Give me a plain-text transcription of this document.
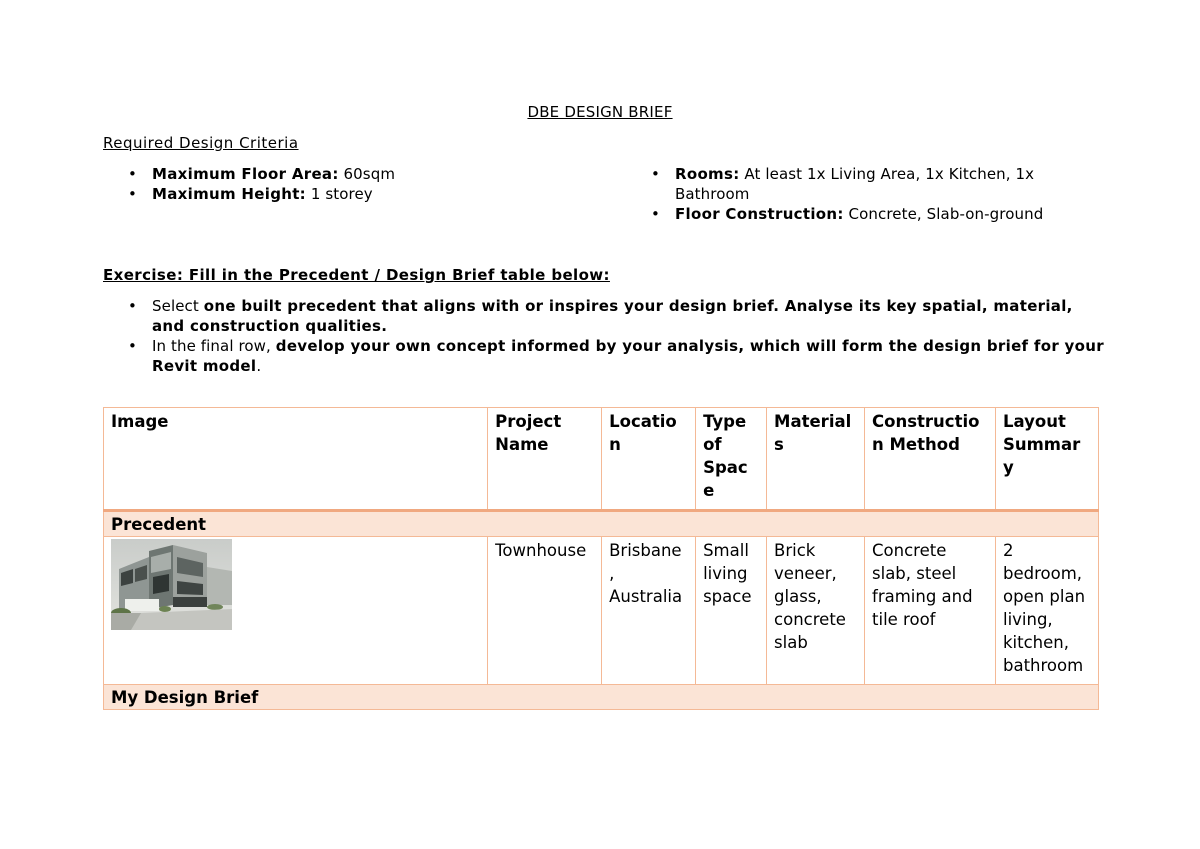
DBE DESIGN BRIEF
Required Design Criteria
• Maximum Floor Area: 60sqm
• Maximum Height: 1 storey
• Rooms: At least 1x Living Area, 1x Kitchen, 1x Bathroom
• Floor Construction: Concrete, Slab-on-ground
Exercise: Fill in the Precedent / Design Brief table below:
• Select one built precedent that aligns with or inspires your design brief. Analyse its key spatial, material, and construction qualities.
• In the final row, develop your own concept informed by your analysis, which will form the design brief for your Revit model.
Image	Project Name	Locatio n	Type of Spac e	Material s	Constructio n Method	Layout Summar y
Precedent						

	Townhouse	Brisbane , Australia	Small living space	Brick veneer, glass, concrete slab	Concrete slab, steel framing and tile roof	2 bedroom, open plan living, kitchen, bathroom
My Design Brief						
